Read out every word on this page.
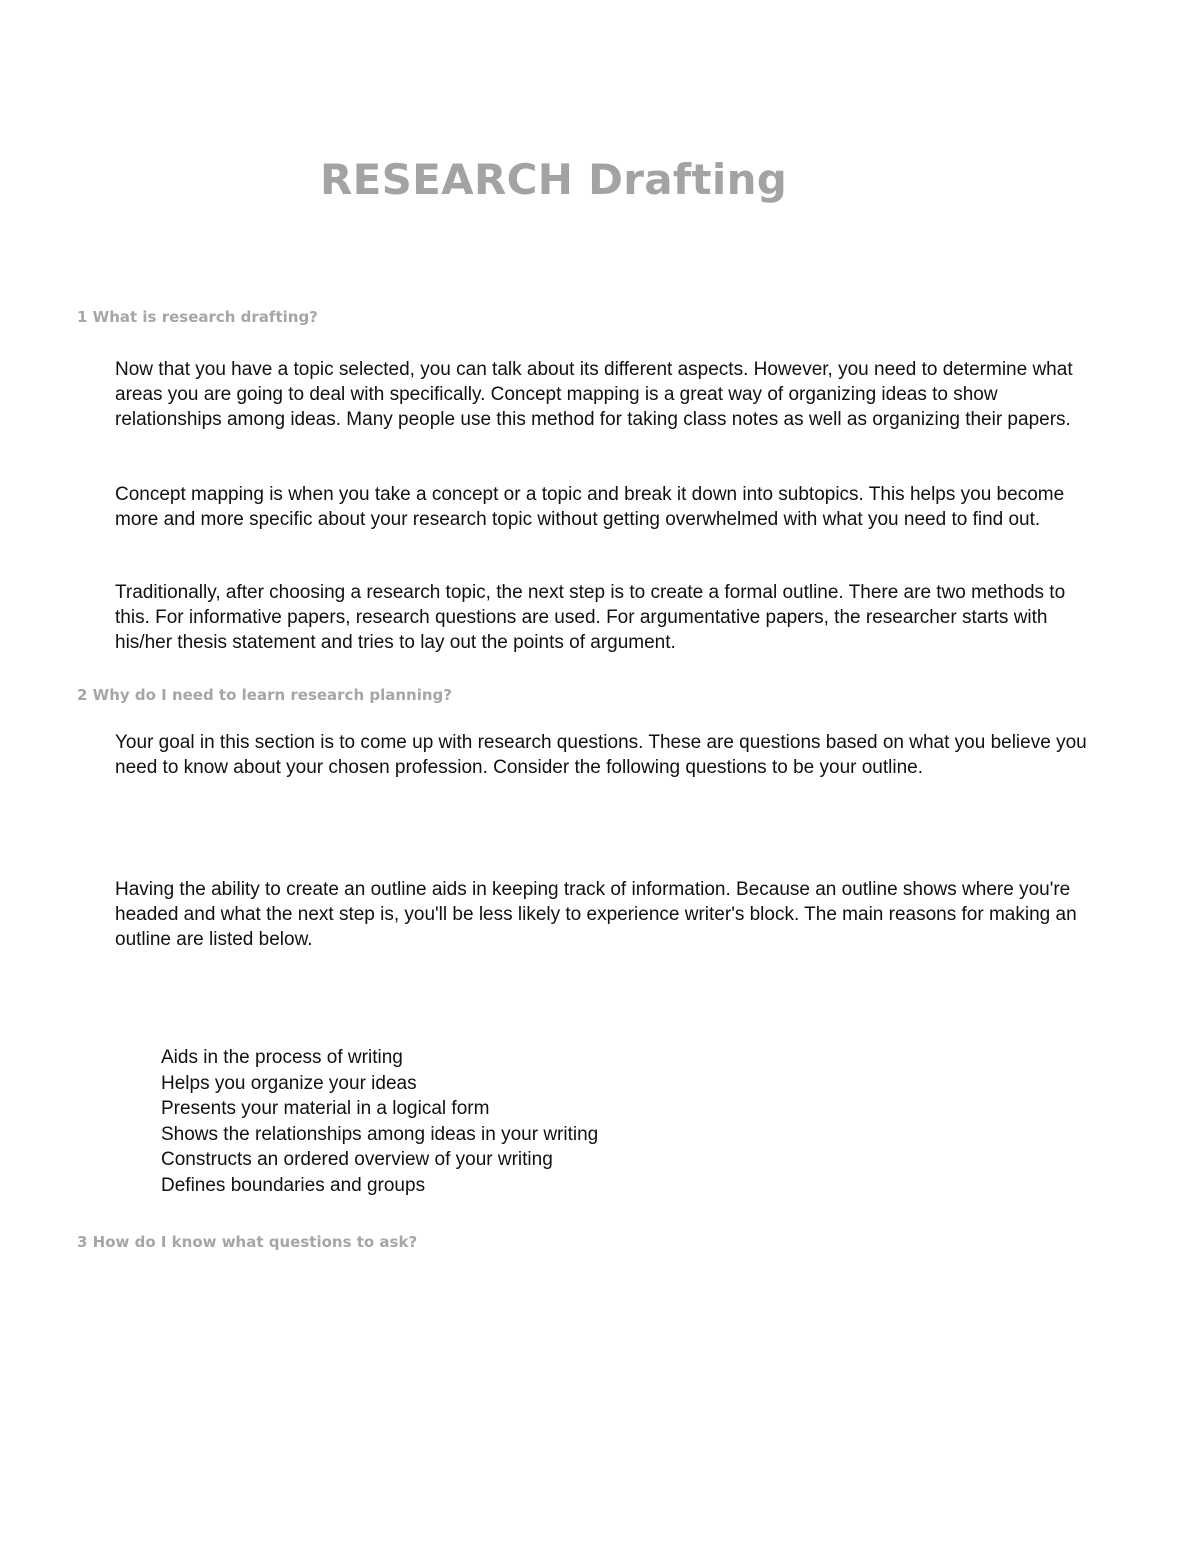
RESEARCH Drafting
1 What is research drafting?

Now that you have a topic selected, you can talk about its different aspects. However, you need to determine what areas you are going to deal with specifically. Concept mapping is a great way of organizing ideas to show relationships among ideas. Many people use this method for taking class notes as well as organizing their papers.

Concept mapping is when you take a concept or a topic and break it down into subtopics. This helps you become more and more specific about your research topic without getting overwhelmed with what you need to find out.

Traditionally, after choosing a research topic, the next step is to create a formal outline. There are two methods to this. For informative papers, research questions are used. For argumentative papers, the researcher starts with his/her thesis statement and tries to lay out the points of argument.

2 Why do I need to learn research planning?

Your goal in this section is to come up with research questions. These are questions based on what you believe you need to know about your chosen profession. Consider the following questions to be your outline.

Having the ability to create an outline aids in keeping track of information. Because an outline shows where you're headed and what the next step is, you'll be less likely to experience writer's block. The main reasons for making an outline are listed below.

Aids in the process of writing
Helps you organize your ideas
Presents your material in a logical form
Shows the relationships among ideas in your writing
Constructs an ordered overview of your writing
Defines boundaries and groups
3 How do I know what questions to ask?
